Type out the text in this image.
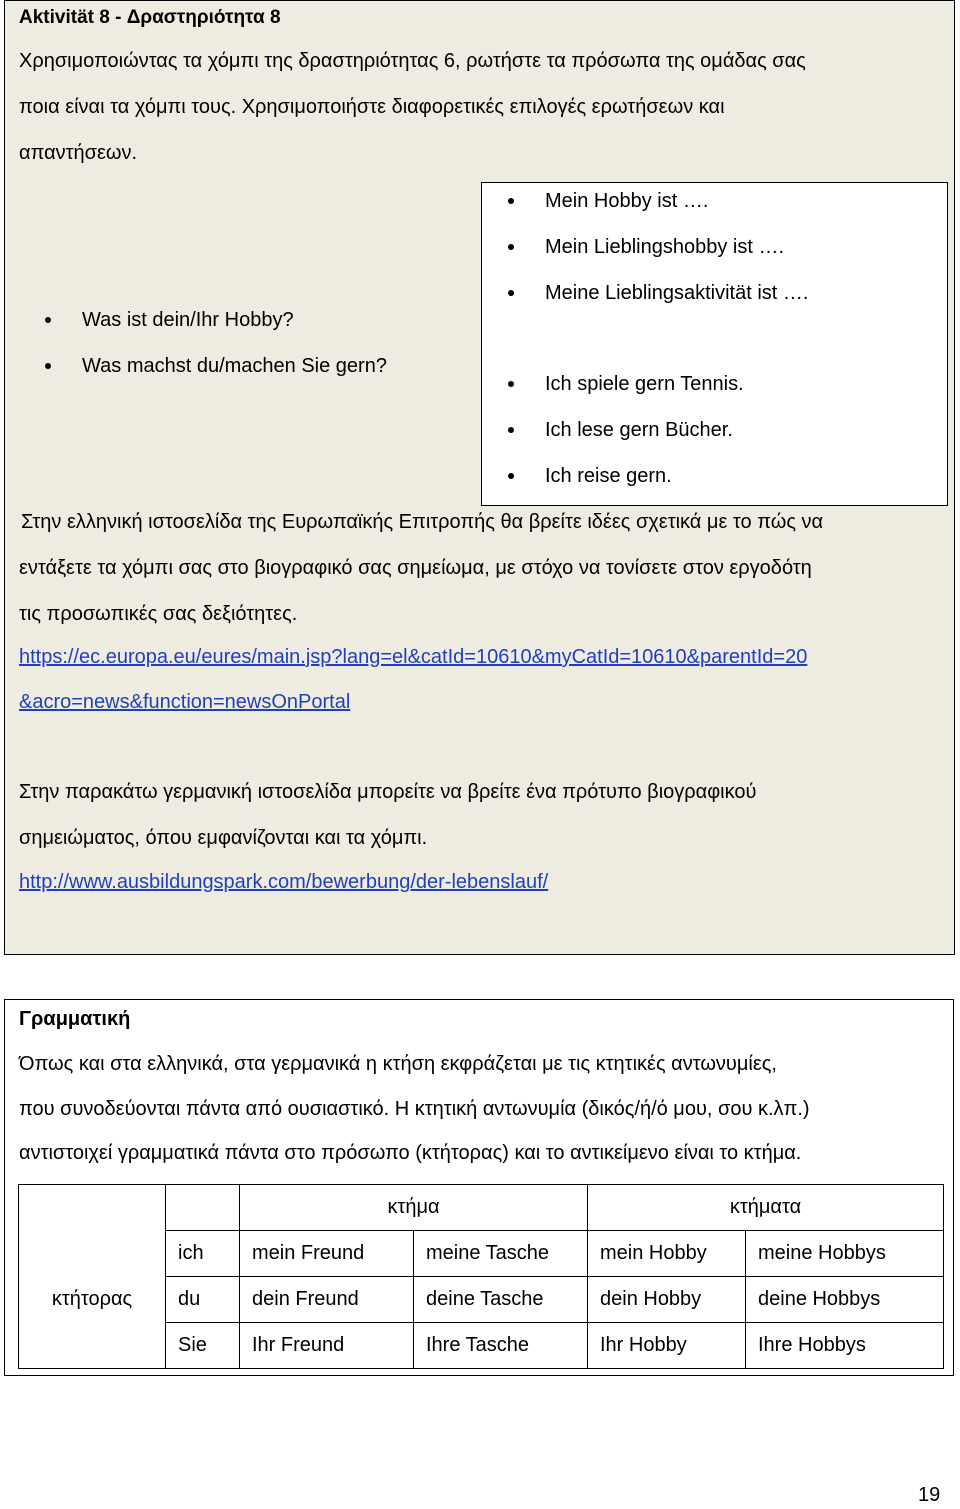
Aktivität 8 - Δραστηριότητα 8
Χρησιμοποιώντας τα χόμπι της δραστηριότητας 6, ρωτήστε τα πρόσωπα της ομάδας σας
ποια είναι τα χόμπι τους. Χρησιμοποιήστε διαφορετικές επιλογές ερωτήσεων και
απαντήσεων.
Was ist dein/Ihr Hobby?
Was machst du/machen Sie gern?
Mein Hobby ist ….
Mein Lieblingshobby ist ….
Meine Lieblingsaktivität ist ….
Ich spiele gern Tennis.
Ich lese gern Bücher.
Ich reise gern.
Στην ελληνική ιστοσελίδα της Ευρωπαϊκής Επιτροπής θα βρείτε ιδέες σχετικά με το πώς να
εντάξετε τα χόμπι σας στο βιογραφικό σας σημείωμα, με στόχο να τονίσετε στον εργοδότη
τις προσωπικές σας δεξιότητες.
https://ec.europa.eu/eures/main.jsp?lang=el&catId=10610&myCatId=10610&parentId=20
&acro=news&function=newsOnPortal
Στην παρακάτω γερμανική ιστοσελίδα μπορείτε να βρείτε ένα πρότυπο βιογραφικού
σημειώματος, όπου εμφανίζονται και τα χόμπι.
http://www.ausbildungspark.com/bewerbung/der-lebenslauf/
Γραμματική
Όπως και στα ελληνικά, στα γερμανικά η κτήση εκφράζεται με τις κτητικές αντωνυμίες,
που συνοδεύονται πάντα από ουσιαστικό. Η κτητική αντωνυμία (δικός/ή/ό μου, σου κ.λπ.)
αντιστοιχεί γραμματικά πάντα στο πρόσωπο (κτήτορας) και το αντικείμενο είναι το κτήμα.
		κτήμα		κτήματα	
κτήτορας	ich	mein Freund	meine Tasche	mein Hobby	meine Hobbys
	du	dein Freund	deine Tasche	dein Hobby	deine Hobbys
	Sie	Ihr Freund	Ihre Tasche	Ihr Hobby	Ihre Hobbys
19
